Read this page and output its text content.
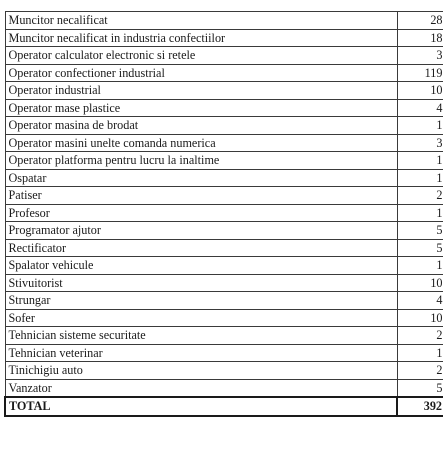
Muncitor necalificat	28
Muncitor necalificat in industria confectiilor	18
Operator calculator electronic si retele	3
Operator confectioner industrial	119
Operator industrial	10
Operator mase plastice	4
Operator masina de brodat	1
Operator masini unelte comanda numerica	3
Operator platforma pentru lucru la inaltime	1
Ospatar	1
Patiser	2
Profesor	1
Programator ajutor	5
Rectificator	5
Spalator vehicule	1
Stivuitorist	10
Strungar	4
Sofer	10
Tehnician sisteme securitate	2
Tehnician veterinar	1
Tinichigiu auto	2
Vanzator	5
TOTAL	392
